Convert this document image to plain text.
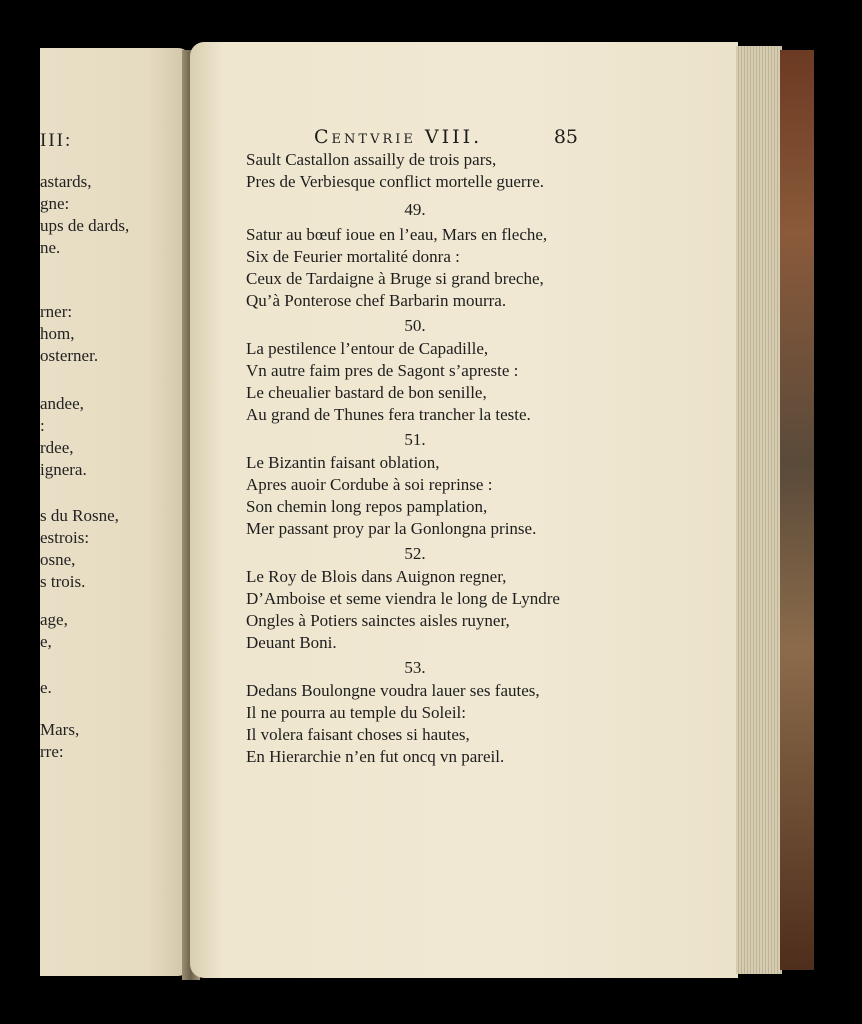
III:
astards,
gne:
ups de dards,
ne.
rner:
hom,
osterner.
andee,
:
rdee,
ignera.
s du Rosne,
estrois:
osne,
s trois.
age,
e,
e.
Mars,
rre:
Centvrie VIII.	85
Sault Castallon assailly de trois pars,
Pres de Verbiesque conflict mortelle guerre.
49.
Satur au bœuf ioue en l’eau, Mars en fleche,
Six de Feurier mortalité donra :
Ceux de Tardaigne à Bruge si grand breche,
Qu’à Ponterose chef Barbarin mourra.
50.
La pestilence l’entour de Capadille,
Vn autre faim pres de Sagont s’apreste :
Le cheualier bastard de bon senille,
Au grand de Thunes fera trancher la teste.
51.
Le Bizantin faisant oblation,
Apres auoir Cordube à soi reprinse :
Son chemin long repos pamplation,
Mer passant proy par la Gonlongna prinse.
52.
Le Roy de Blois dans Auignon regner,
D’Amboise et seme viendra le long de Lyndre
Ongles à Potiers sainctes aisles ruyner,
Deuant Boni.
53.
Dedans Boulongne voudra lauer ses fautes,
Il ne pourra au temple du Soleil:
Il volera faisant choses si hautes,
En Hierarchie n’en fut oncq vn pareil.
